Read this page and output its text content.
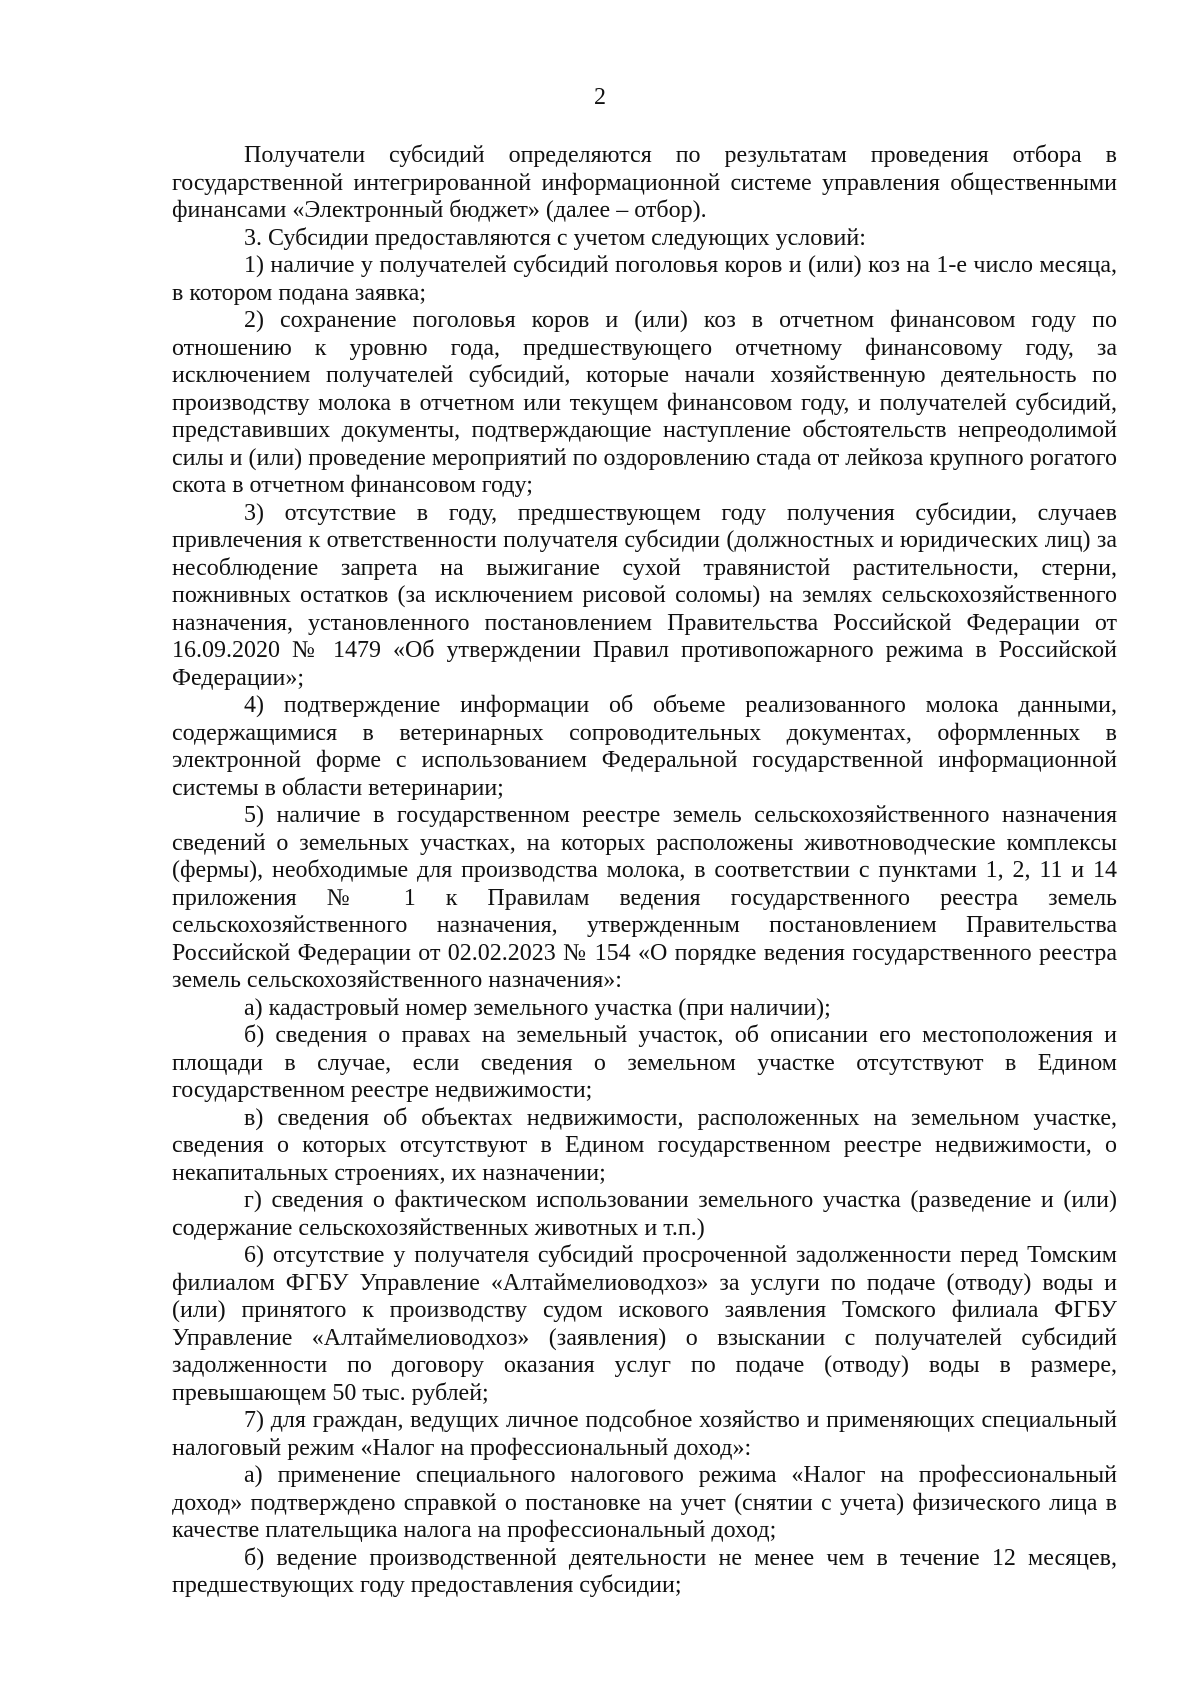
2

Получатели субсидий определяются по результатам проведения отбора в государственной интегрированной информационной системе управления общественными финансами «Электронный бюджет» (далее – отбор).

3. Субсидии предоставляются с учетом следующих условий:

1) наличие у получателей субсидий поголовья коров и (или) коз на 1-е число месяца, в котором подана заявка;

2) сохранение поголовья коров и (или) коз в отчетном финансовом году по отношению к уровню года, предшествующего отчетному финансовому году, за исключением получателей субсидий, которые начали хозяйственную деятельность по производству молока в отчетном или текущем финансовом году, и получателей субсидий, представивших документы, подтверждающие наступление обстоятельств непреодолимой силы и (или) проведение мероприятий по оздоровлению стада от лейкоза крупного рогатого скота в отчетном финансовом году;

3) отсутствие в году, предшествующем году получения субсидии, случаев привлечения к ответственности получателя субсидии (должностных и юридических лиц) за несоблюдение запрета на выжигание сухой травянистой растительности, стерни, пожнивных остатков (за исключением рисовой соломы) на землях сельскохозяйственного назначения, установленного постановлением Правительства Российской Федерации от 16.09.2020 № 1479 «Об утверждении Правил противопожарного режима в Российской Федерации»;

4) подтверждение информации об объеме реализованного молока данными, содержащимися в ветеринарных сопроводительных документах, оформленных в электронной форме с использованием Федеральной государственной информационной системы в области ветеринарии;

5) наличие в государственном реестре земель сельскохозяйственного назначения сведений о земельных участках, на которых расположены животноводческие комплексы (фермы), необходимые для производства молока, в соответствии с пунктами 1, 2, 11 и 14 приложения № 1 к Правилам ведения государственного реестра земель сельскохозяйственного назначения, утвержденным постановлением Правительства Российской Федерации от 02.02.2023 № 154 «О порядке ведения государственного реестра земель сельскохозяйственного назначения»:

а) кадастровый номер земельного участка (при наличии);

б) сведения о правах на земельный участок, об описании его местоположения и площади в случае, если сведения о земельном участке отсутствуют в Едином государственном реестре недвижимости;

в) сведения об объектах недвижимости, расположенных на земельном участке, сведения о которых отсутствуют в Едином государственном реестре недвижимости, о некапитальных строениях, их назначении;

г) сведения о фактическом использовании земельного участка (разведение и (или) содержание сельскохозяйственных животных и т.п.)

6) отсутствие у получателя субсидий просроченной задолженности перед Томским филиалом ФГБУ Управление «Алтаймелиоводхоз» за услуги по подаче (отводу) воды и (или) принятого к производству судом искового заявления Томского филиала ФГБУ Управление «Алтаймелиоводхоз» (заявления) о взыскании с получателей субсидий задолженности по договору оказания услуг по подаче (отводу) воды в размере, превышающем 50 тыс. рублей;

7) для граждан, ведущих личное подсобное хозяйство и применяющих специальный налоговый режим «Налог на профессиональный доход»:

а) применение специального налогового режима «Налог на профессиональный доход» подтверждено справкой о постановке на учет (снятии с учета) физического лица в качестве плательщика налога на профессиональный доход;

б) ведение производственной деятельности не менее чем в течение 12 месяцев, предшествующих году предоставления субсидии;
